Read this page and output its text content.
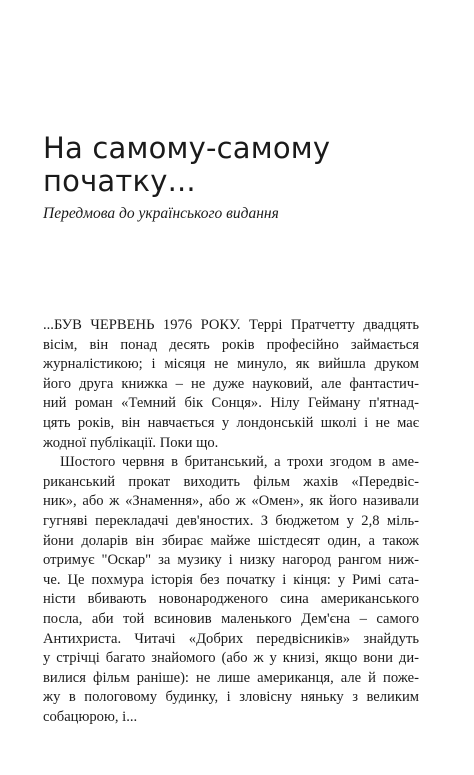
На самому-самому
початку...

Передмова до українського видання

...БУВ ЧЕРВЕНЬ 1976 РОКУ. Террі Пратчетту двадцять
вісім, він понад десять років професійно займається
журналістикою; і місяця не минуло, як вийшла друком
його друга книжка – не дуже науковий, але фантастич-
ний роман «Темний бік Сонця». Нілу Гейману п'ятнад-
цять років, він навчається у лондонській школі і не має
жодної публікації. Поки що.

Шостого червня в британський, а трохи згодом в аме-
риканський прокат виходить фільм жахів «Передвіс-
ник», або ж «Знамення», або ж «Омен», як його називали
гугняві перекладачі дев'яностих. З бюджетом у 2,8 міль-
йони доларів він збирає майже шістдесят один, а також
отримує "Оскар" за музику і низку нагород рангом ниж-
че. Це похмура історія без початку і кінця: у Римі сата-
ністи вбивають новонародженого сина американського
посла, аби той всиновив маленького Дем'єна – самого
Антихриста. Читачі «Добрих передвісників» знайдуть
у стрічці багато знайомого (або ж у книзі, якщо вони ди-
вилися фільм раніше): не лише американця, але й поже-
жу в пологовому будинку, і зловісну няньку з великим
собацюрою, і...
